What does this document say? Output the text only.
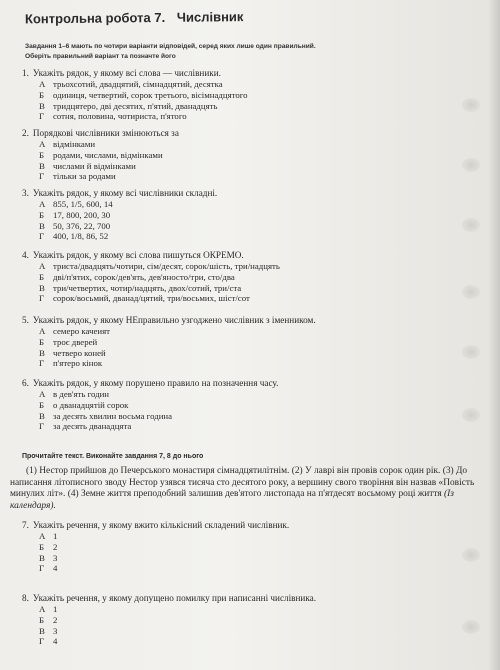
Контрольна робота 7. Числівник
Завдання 1–6 мають по чотири варіанти відповідей, серед яких лише один правильний.
Оберіть правильний варіант та позначте його
1. Укажіть рядок, у якому всі слова — числівники.
А трьохсотий, двадцятий, сімнадцятий, десятка
Б одиниця, четвертий, сорок третього, вісімнадцятого
В тридцятеро, дві десятих, п'ятий, дванадцять
Г сотня, половина, чотириста, п'ятого
2. Порядкові числівники змінюються за
А відмінками
Б родами, числами, відмінками
В числами й відмінками
Г тільки за родами
3. Укажіть рядок, у якому всі числівники складні.
А 855, 1/5, 600, 14
Б 17, 800, 200, 30
В 50, 376, 22, 700
Г 400, 1/8, 86, 52
4. Укажіть рядок, у якому всі слова пишуться ОКРЕМО.
А триста/двадцять/чотири, сім/десят, сорок/шість, три/надцять
Б дві/п'ятих, сорок/дев'ять, дев'яносто/три, сто/два
В три/четвертих, чотир/надцять, двох/сотий, три/ста
Г сорок/восьмий, дванад/цятий, три/восьмих, шіст/сот
5. Укажіть рядок, у якому НЕправильно узгоджено числівник з іменником.
А семеро качеият
Б троє дверей
В четверо коней
Г п'ятеро кінок
6. Укажіть рядок, у якому порушено правило на позначення часу.
А в дев'ять годин
Б о дванадцятій сорок
В за десять хвилин восьма година
Г за десять дванадцята
Прочитайте текст. Виконайте завдання 7, 8 до нього
(1) Нестор прийшов до Печерського монастиря сімнадцятилітнім. (2) У лаврі він провів сорок один рік. (3) До написання літописного зводу Нестор узявся тисяча сто десятого року, а вершину свого творіння він назвав «Повість минулих літ». (4) Земне життя преподобний залишив дев'ятого листопада на п'ятдесят восьмому році життя (Із календаря).
7. Укажіть речення, у якому вжито кількісний складений числівник.
А 1
Б 2
В 3
Г 4
8. Укажіть речення, у якому допущено помилку при написанні числівника.
А 1
Б 2
В 3
Г 4
